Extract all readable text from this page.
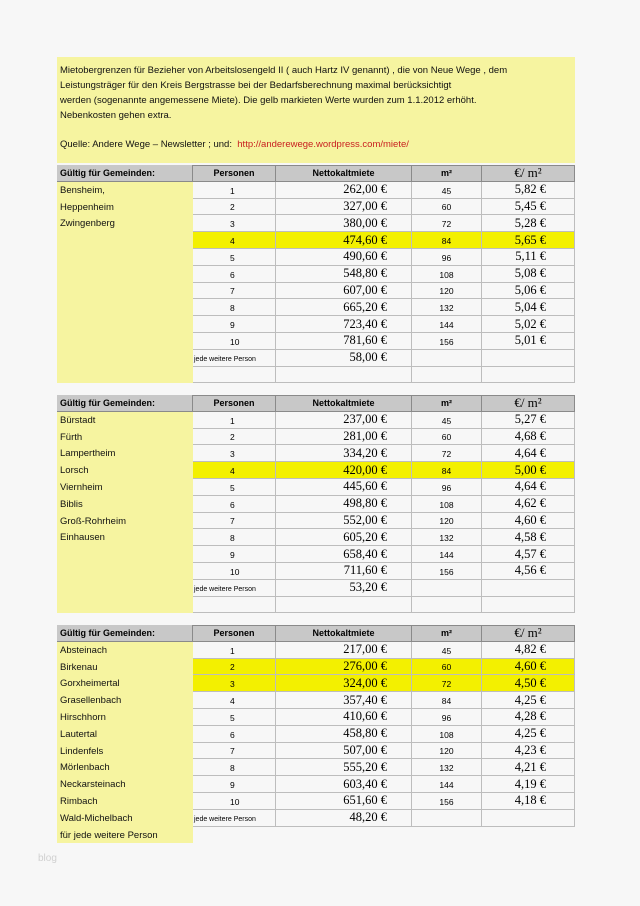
Mietobergrenzen für Bezieher von Arbeitslosengeld II ( auch Hartz IV genannt) , die von Neue Wege , dem
Leistungsträger für den Kreis Bergstrasse bei der Bedarfsberechnung maximal berücksichtigt
werden (sogenannte angemessene Miete). Die gelb markieten Werte wurden zum 1.1.2012 erhöht.
Nebenkosten gehen extra.
Quelle: Andere Wege – Newsletter ; und: http://anderewege.wordpress.com/miete/
Gültig für Gemeinden:	Personen	Nettokaltmiete	m²	€/ m²
1	262,00 €	45	5,82 €
2	327,00 €	60	5,45 €
3	380,00 €	72	5,28 €
4	474,60 €	84	5,65 €
5	490,60 €	96	5,11 €
6	548,80 €	108	5,08 €
7	607,00 €	120	5,06 €
8	665,20 €	132	5,04 €
9	723,40 €	144	5,02 €
10	781,60 €	156	5,01 €
jede weitere Person	58,00 €
Bensheim,
Heppenheim
Zwingenberg
Gültig für Gemeinden:	Personen	Nettokaltmiete	m²	€/ m²
1	237,00 €	45	5,27 €
2	281,00 €	60	4,68 €
3	334,20 €	72	4,64 €
4	420,00 €	84	5,00 €
5	445,60 €	96	4,64 €
6	498,80 €	108	4,62 €
7	552,00 €	120	4,60 €
8	605,20 €	132	4,58 €
9	658,40 €	144	4,57 €
10	711,60 €	156	4,56 €
jede weitere Person	53,20 €
Bürstadt
Fürth
Lampertheim
Lorsch
Viernheim
Biblis
Groß-Rohrheim
Einhausen
Gültig für Gemeinden:	Personen	Nettokaltmiete	m²	€/ m²
1	217,00 €	45	4,82 €
2	276,00 €	60	4,60 €
3	324,00 €	72	4,50 €
4	357,40 €	84	4,25 €
5	410,60 €	96	4,28 €
6	458,80 €	108	4,25 €
7	507,00 €	120	4,23 €
8	555,20 €	132	4,21 €
9	603,40 €	144	4,19 €
10	651,60 €	156	4,18 €
jede weitere Person	48,20 €
Absteinach
Birkenau
Gorxheimertal
Grasellenbach
Hirschhorn
Lautertal
Lindenfels
Mörlenbach
Neckarsteinach
Rimbach
Wald-Michelbach
für jede weitere Person
blog
